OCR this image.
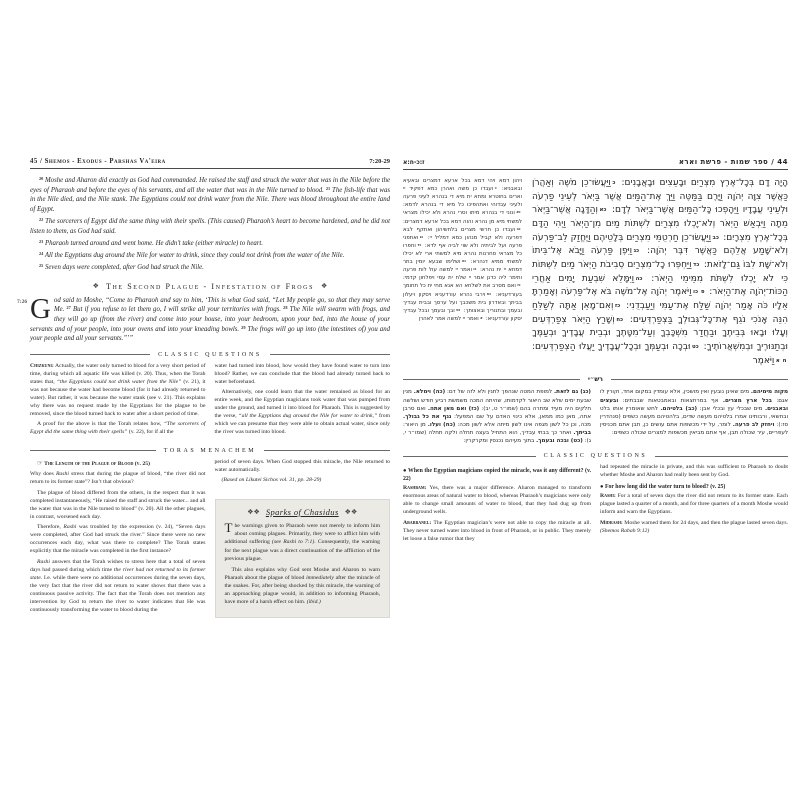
45 / Shemos - Exodus - Parshas Va'eira	7:20-29

$^{20}$ Moshe and Aharon did exactly as God had commanded. He raised the staff and struck the water that was in the Nile before the eyes of Pharaoh and before the eyes of his servants, and all the water that was in the Nile turned to blood. $^{21}$ The fish-life that was in the Nile died, and the Nile stank. The Egyptians could not drink water from the Nile. There was blood throughout the entire land of Egypt.

$^{22}$ The sorcerers of Egypt did the same thing with their spells. (This caused) Pharaoh’s heart to become hardened, and he did not listen to them, as God had said.

$^{23}$ Pharaoh turned around and went home. He didn’t take (either miracle) to heart.

$^{24}$ All the Egyptians dug around the Nile for water to drink, since they could not drink from the water of the Nile.

$^{25}$ Seven days were completed, after God had struck the Nile.

❖ The Second Plague - Infestation of Frogs ❖
7:26 G od said to Moshe, “Come to Pharaoh and say to him, ‘This is what God said, “Let My people go, so that they may serve Me. $^{27}$ But if you refuse to let them go, I will strike all your territories with frogs. $^{28}$ The Nile will swarm with frogs, and they will go up (from the river) and come into your house, into your bedroom, upon your bed, into the house of your servants and of your people, into your ovens and into your kneading bowls. $^{29}$ The frogs will go up into (the intestines of) you and your people and all your servants.”’”

CLASSIC QUESTIONS

Chizkuni: Actually, the water only turned to blood for a very short period of time, during which all aquatic life was killed (v. 20). Thus, when the Torah states that, “the Egyptians could not drink water from the Nile” (v. 21), it was not because the water had become blood (for it had already returned to water). But rather, it was because the water stank (see v. 21). This explains why there was no request made by the Egyptians for the plague to be removed, since the blood turned back to water after a short period of time.

A proof for the above is that the Torah relates how, “The sorcerers of Egypt did the same thing with their spells” (v. 22), for if all the

water had turned into blood, how would they have found water to turn into blood? Rather, we can conclude that the blood had already turned back to water beforehand.

Alternatively, one could learn that the water remained as blood for an entire week, and the Egyptian magicians took water that was pumped from under the ground, and turned it into blood for Pharaoh. This is suggested by the verse, “all the Egyptians dug around the Nile for water to drink,” from which we can presume that they were able to obtain actual water, since only the river was turned into blood.

TORAS MENACHEM

☞ The Length of the Plague of Blood (v. 25)

Why does Rashi stress that during the plague of blood, “the river did not return to its former state”? Isn’t that obvious?

The plague of blood differed from the others, in the respect that it was completed instantaneously, “He raised the staff and struck the water... and all the water that was in the Nile turned to blood” (v. 20). All the other plagues, in contrast, worsened each day.

Therefore, Rashi was troubled by the expression (v. 24), “Seven days were completed, after God had struck the river.” Since there were no new occurrences each day, what was there to complete? The Torah states explicitly that the miracle was completed in the first instance?

Rashi answers that the Torah wishes to stress here that a total of seven days had passed during which time the river had not returned to its former state. I.e. while there were no additional occurrences during the seven days, the very fact that the river did not return to water shows that there was a continuous passive activity. The fact that the Torah does not mention any intervention by God to return the river to water indicates that He was continuously transforming the water to blood during the

period of seven days. When God stopped this miracle, the Nile returned to water automatically.

(Based on Likutei Sichos vol. 31, pp. 28-29)

❖❖ Sparks of Chasidus ❖❖
T he warnings given to Pharaoh were not merely to inform him about coming plagues. Primarily, they were to afflict him with additional suffering (see Rashi to 7:1). Consequently, the warning for the next plague was a direct continuation of the affliction of the previous plague.

This also explains why God sent Moshe and Aharon to warn Pharaoh about the plague of blood immediately after the miracle of the snakes. For, after being shocked by this miracle, the warning of an approaching plague would, in addition to informing Pharaoh, have more of a harsh effect on him. (ibid.)

44 / ספר שמות - פרשת וארא
ז:כ-ח:א

הָיָה דָם בְּכָל־אֶרֶץ מִצְרַיִם וּבָעֵצִים וּבָאֲבָנִים: כוַיַּעֲשׂוּ־כֵן מֹשֶׁה וְאַהֲרֹן כַּאֲשֶׁר צִוָּה יְהֹוָה וַיָּרֶם בַּמַּטֶּה וַיַּךְ אֶת־הַמַּיִם אֲשֶׁר בַּיְאֹר לְעֵינֵי פַרְעֹה וּלְעֵינֵי עֲבָדָיו וַיֵּהָפְכוּ כָּל־הַמַּיִם אֲשֶׁר־בַּיְאֹר לְדָם: כאוְהַדָּגָה אֲשֶׁר־בַּיְאֹר מֵתָה וַיִּבְאַשׁ הַיְאֹר וְלֹא־יָכְלוּ מִצְרַיִם לִשְׁתּוֹת מַיִם מִן־הַיְאֹר וַיְהִי הַדָּם בְּכָל־אֶרֶץ מִצְרָיִם: כבוַיַּעֲשׂוּ־כֵן חַרְטֻמֵּי מִצְרַיִם בְּלָטֵיהֶם וַיֶּחֱזַק לֵב־פַּרְעֹה וְלֹא־שָׁמַע אֲלֵהֶם כַּאֲשֶׁר דִּבֶּר יְהֹוָה: כגוַיִּפֶן פַּרְעֹה וַיָּבֹא אֶל־בֵּיתוֹ וְלֹא־שָׁת לִבּוֹ גַּם־לָזֹאת: כדוַיַּחְפְּרוּ כָל־מִצְרַיִם סְבִיבֹת הַיְאֹר מַיִם לִשְׁתּוֹת כִּי לֹא יָכְלוּ לִשְׁתֹּת מִמֵּימֵי הַיְאֹר: כהוַיִּמָּלֵא שִׁבְעַת יָמִים אַחֲרֵי הַכּוֹת־יְהֹוָה אֶת־הַיְאֹר: פכווַיֹּאמֶר יְהֹוָה אֶל־מֹשֶׁה בֹּא אֶל־פַּרְעֹה וְאָמַרְתָּ אֵלָיו כֹּה אָמַר יְהֹוָה שַׁלַּח אֶת־עַמִּי וְיַעַבְדֻנִי: כזוְאִם־מָאֵן אַתָּה לְשַׁלֵּחַ הִנֵּה אָנֹכִי נֹגֵף אֶת־כָּל־גְּבוּלְךָ בַּצְפַרְדְּעִים: כחוְשָׁרַץ הַיְאֹר צְפַרְדְּעִים וְעָלוּ וּבָאוּ בְּבֵיתֶךָ וּבַחֲדַר מִשְׁכָּבְךָ וְעַל־מִטָּתֶךָ וּבְבֵית עֲבָדֶיךָ וּבְעַמֶּךָ וּבְתַנּוּרֶיךָ וּבְמִשְׁאֲרוֹתֶיךָ: כטוּבְכָה וּבְעַמְּךָ וּבְכָל־עֲבָדֶיךָ יַעֲלוּ הַצְפַרְדְּעִים: חאוַיֹּאמֶר

ויהון דמא ויהי דמא בכל ארעא דמצרים ובאעיא ובאבניא: כועבדו כן משה ואהרן כמא דפקיד יי וארים בחוטרא ומחא ית מיא די בנהרא לעיני פרעה ולעיני עבדוהי ואתהפיכו כל מיא די בנהרא לדמא: כאונוני די בנהרא מיתו וסרי נהרא ולא יכילו מצראי למשתי מיא מן נהרא והוה דמא בכל ארעא דמצרים: כבועבדו כן חרשי מצרים בלחשיהון ואתקף לבא דפרעה ולא קביל מנהון כמא דמליל יי: כגואתפני פרעה ועל לביתיה ולא שוי לביה אף לדא: כדוחפרו כל מצראי סחרנות נהרא מיא למשתי ארי לא יכילו למשתי ממיא דנהרא: כהושלימו שבעא יומין בתר דמחא יי ית נהרא: כוואמר יי למשה עול לות פרעה ותימר ליה כדנן אמר יי שלח ית עמי ויפלחון קדמי: כזואם מסרב את לשלחא הא אנא מחי ית כל תחומך בעורדעניא: כחוירבי נהרא עורדעניא ויסקון ויעלון בביתך ובאדרון בית משכבך ועל ערסך ובבית עבדיך ובעמך ובתנוריך ובאצותך: כטובך ובעמך ובכל עבדיך יסקון עורדעניא: אואמר יי למשה אמר לאהרן

רש״י

מקוה מימיהם. מים שאינן נובעין ואין מושכין, אלא עומדין במקום אחד, וקורין לו אגם: בכל ארץ מצרים. אף במרחצאות ובאמבטאות שבבתים: ובעצים ובאבנים. מים שבכלי עץ ובכלי אבן: (כב) בלטיהם. לחש שאומרין אותו בלט ובחשאי, ורבותינו אמרו בלטיהם מעשה שדים, בלהטיהם מעשה כשפים (סנהדרין סז:): ויחזק לב פרעה. לומר, על ידי מכשפות אתם עושים כן, תבן אתם מכניסין לעפריים, עיר שכולה תבן, אף אתם מביאין מכשפות למצרים שכולה כשפים:

(כג) גם לזאת. למופת המטה שנהפך לתנין ולא לזה של דם: (כה) וימלא. מנין שבעת ימים שלא שב היאור לקדמותו, שהיתה המכה משמשת רביע חודש ושלשה חלקים היה מעיד ומתרה בהם (שמו״ר ט, יב): (כז) ואם מאן אתה. ואם סרבן אתה, מאן כמו ממאן, אלא כינוי האדם על שם המפעל: נגף את כל גבולך. מכה, וכן כל לשון מגפה אינו לשון מיתה אלא לשון מכה: (כח) ועלו. מן היאור: בביתך. ואחר כך בבתי עבדיך, הוא התחיל בעצה תחלה ולקה תחלה (שמו״ר י, ג): (כט) ובכה ובעמך. בתוך מעיהם נכנסין ומקרקרין:

CLASSIC QUESTIONS

● When the Egyptian magicians copied the miracle, was it any different? (v. 22)

Rashbam: Yes, there was a major difference. Aharon managed to transform enormous areas of natural water to blood, whereas Pharaoh’s magicians were only able to change small amounts of water to blood, that they had dug up from underground wells.

Abarbanel: The Egyptian magician’s were not able to copy the miracle at all. They never turned water into blood in front of Pharaoh, or in public. They merely let loose a false rumor that they

had repeated the miracle in private, and this was sufficient to Pharaoh to doubt whether Moshe and Aharon had really been sent by God.

● For how long did the water turn to blood? (v. 25)

Rashi: For a total of seven days the river did not return to its former state. Each plague lasted a quarter of a month, and for three quarters of a month Moshe would inform and warn the Egyptians.

Midrash: Moshe warned them for 24 days, and then the plague lasted seven days. (Shemos Rabah 9:12)
